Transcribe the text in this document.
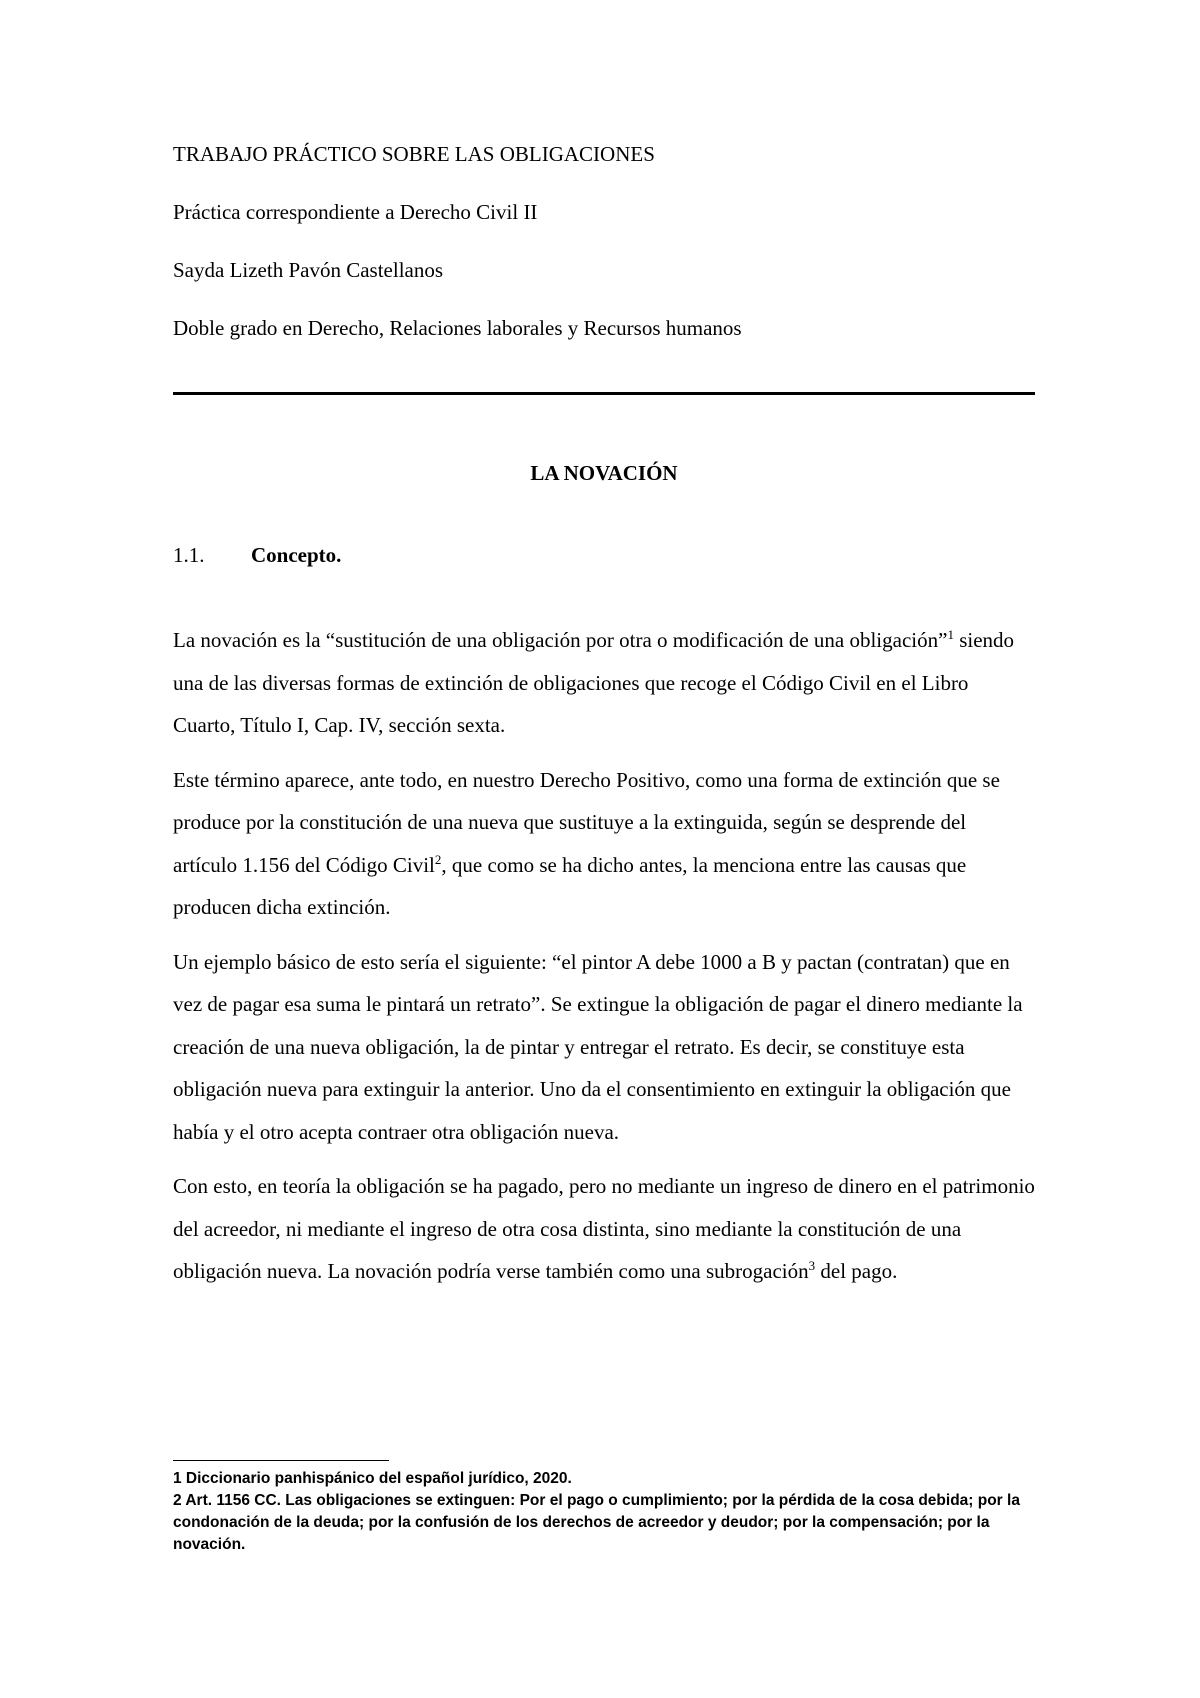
TRABAJO PRÁCTICO SOBRE LAS OBLIGACIONES
Práctica correspondiente a Derecho Civil II
Sayda Lizeth Pavón Castellanos
Doble grado en Derecho, Relaciones laborales y Recursos humanos
LA NOVACIÓN
1.1.	Concepto.

La novación es la “sustitución de una obligación por otra o modificación de una obligación”$^1$ siendo una de las diversas formas de extinción de obligaciones que recoge el Código Civil en el Libro Cuarto, Título I, Cap. IV, sección sexta.

Este término aparece, ante todo, en nuestro Derecho Positivo, como una forma de extinción que se produce por la constitución de una nueva que sustituye a la extinguida, según se desprende del artículo 1.156 del Código Civil$^2$, que como se ha dicho antes, la menciona entre las causas que producen dicha extinción.

Un ejemplo básico de esto sería el siguiente: “el pintor A debe 1000 a B y pactan (contratan) que en vez de pagar esa suma le pintará un retrato”. Se extingue la obligación de pagar el dinero mediante la creación de una nueva obligación, la de pintar y entregar el retrato. Es decir, se constituye esta obligación nueva para extinguir la anterior. Uno da el consentimiento en extinguir la obligación que había y el otro acepta contraer otra obligación nueva.

Con esto, en teoría la obligación se ha pagado, pero no mediante un ingreso de dinero en el patrimonio del acreedor, ni mediante el ingreso de otra cosa distinta, sino mediante la constitución de una obligación nueva. La novación podría verse también como una subrogación$^3$ del pago.

1 Diccionario panhispánico del español jurídico, 2020.

2 Art. 1156 CC. Las obligaciones se extinguen: Por el pago o cumplimiento; por la pérdida de la cosa debida; por la condonación de la deuda; por la confusión de los derechos de acreedor y deudor; por la compensación; por la novación.
